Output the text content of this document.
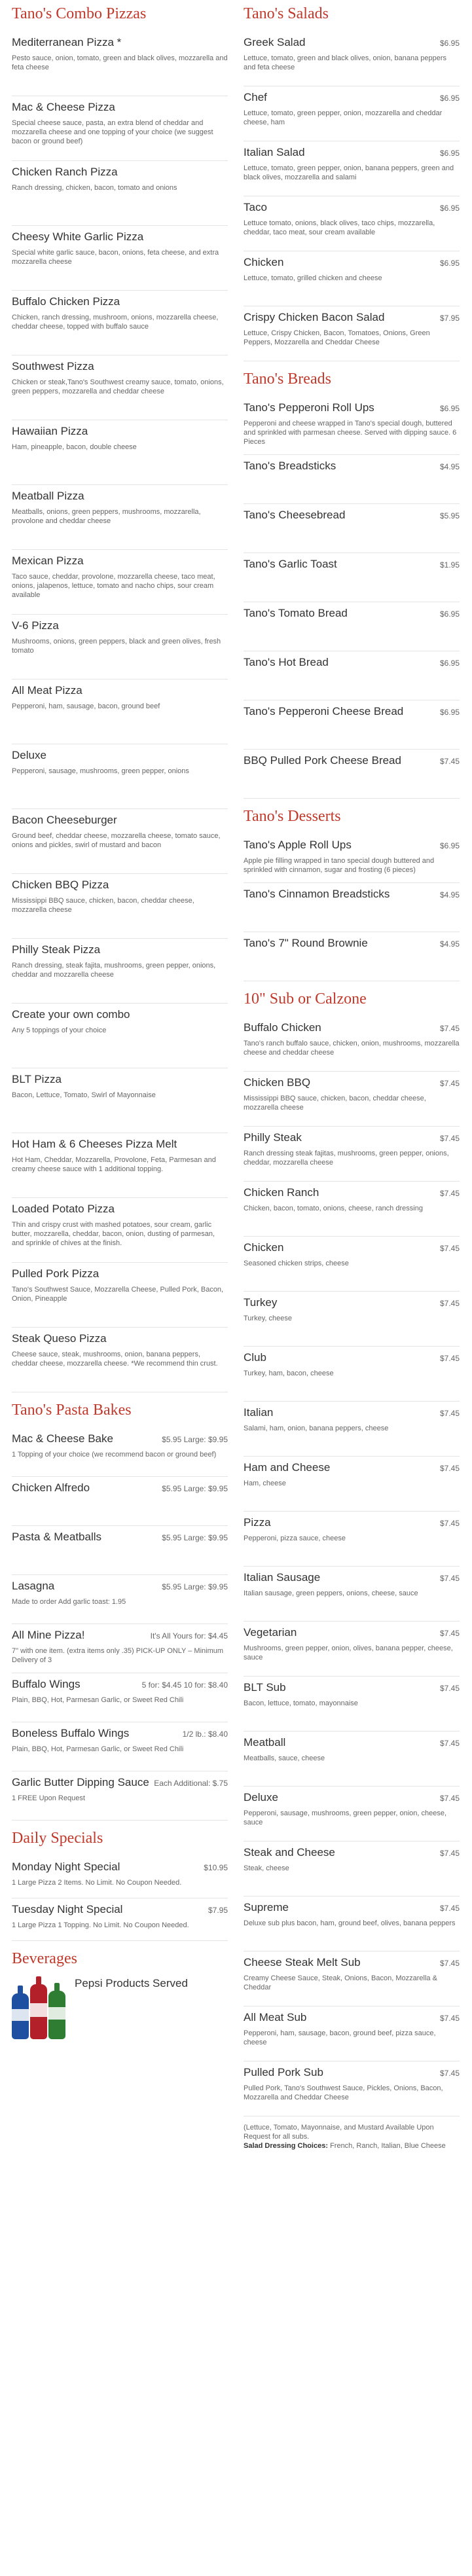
Tano's Combo Pizzas
Mediterranean Pizza *
Pesto sauce, onion, tomato, green and black olives, mozzarella and feta cheese
Mac & Cheese Pizza
Special cheese sauce, pasta, an extra blend of cheddar and mozzarella cheese and one topping of your choice (we suggest bacon or ground beef)
Chicken Ranch Pizza
Ranch dressing, chicken, bacon, tomato and onions
Cheesy White Garlic Pizza
Special white garlic sauce, bacon, onions, feta cheese, and extra mozzarella cheese
Buffalo Chicken Pizza
Chicken, ranch dressing, mushroom, onions, mozzarella cheese, cheddar cheese, topped with buffalo sauce
Southwest Pizza
Chicken or steak,Tano's Southwest creamy sauce, tomato, onions, green peppers, mozzarella and cheddar cheese
Hawaiian Pizza
Ham, pineapple, bacon, double cheese
Meatball Pizza
Meatballs, onions, green peppers, mushrooms, mozzarella, provolone and cheddar cheese
Mexican Pizza
Taco sauce, cheddar, provolone, mozzarella cheese, taco meat, onions, jalapenos, lettuce, tomato and nacho chips, sour cream available
V-6 Pizza
Mushrooms, onions, green peppers, black and green olives, fresh tomato
All Meat Pizza
Pepperoni, ham, sausage, bacon, ground beef
Deluxe
Pepperoni, sausage, mushrooms, green pepper, onions
Bacon Cheeseburger
Ground beef, cheddar cheese, mozzarella cheese, tomato sauce, onions and pickles, swirl of mustard and bacon
Chicken BBQ Pizza
Mississippi BBQ sauce, chicken, bacon, cheddar cheese, mozzarella cheese
Philly Steak Pizza
Ranch dressing, steak fajita, mushrooms, green pepper, onions, cheddar and mozzarella cheese
Create your own combo
Any 5 toppings of your choice
BLT Pizza
Bacon, Lettuce, Tomato, Swirl of Mayonnaise
Hot Ham & 6 Cheeses Pizza Melt
Hot Ham, Cheddar, Mozzarella, Provolone, Feta, Parmesan and creamy cheese sauce with 1 additional topping.
Loaded Potato Pizza
Thin and crispy crust with mashed potatoes, sour cream, garlic butter, mozzarella, cheddar, bacon, onion, dusting of parmesan, and sprinkle of chives at the finish.
Pulled Pork Pizza
Tano's Southwest Sauce, Mozzarella Cheese, Pulled Pork, Bacon, Onion, Pineapple
Steak Queso Pizza
Cheese sauce, steak, mushrooms, onion, banana peppers, cheddar cheese, mozzarella cheese. *We recommend thin crust.
Tano's Pasta Bakes
Mac & Cheese Bake	$5.95 Large: $9.95
1 Topping of your choice (we recommend bacon or ground beef)
Chicken Alfredo	$5.95 Large: $9.95
Pasta & Meatballs	$5.95 Large: $9.95
Lasagna	$5.95 Large: $9.95
Made to order Add garlic toast: 1.95
All Mine Pizza!	It's All Yours for: $4.45
7" with one item. (extra items only .35) PICK-UP ONLY – Minimum Delivery of 3
Buffalo Wings	5 for: $4.45 10 for: $8.40
Plain, BBQ, Hot, Parmesan Garlic, or Sweet Red Chili
Boneless Buffalo Wings	1/2 lb.: $8.40
Plain, BBQ, Hot, Parmesan Garlic, or Sweet Red Chili
Garlic Butter Dipping Sauce Each Additional: $.75
1 FREE Upon Request
Daily Specials
Monday Night Special	$10.95
1 Large Pizza 2 Items. No Limit. No Coupon Needed.
Tuesday Night Special	$7.95
1 Large Pizza 1 Topping. No Limit. No Coupon Needed.
Beverages
Pepsi Products Served
Tano's Salads
Greek Salad	$6.95
Lettuce, tomato, green and black olives, onion, banana peppers and feta cheese
Chef	$6.95
Lettuce, tomato, green pepper, onion, mozzarella and cheddar cheese, ham
Italian Salad	$6.95
Lettuce, tomato, green pepper, onion, banana peppers, green and black olives, mozzarella and salami
Taco	$6.95
Lettuce tomato, onions, black olives, taco chips, mozzarella, cheddar, taco meat, sour cream available
Chicken	$6.95
Lettuce, tomato, grilled chicken and cheese
Crispy Chicken Bacon Salad	$7.95
Lettuce, Crispy Chicken, Bacon, Tomatoes, Onions, Green Peppers, Mozzarella and Cheddar Cheese
Tano's Breads
Tano's Pepperoni Roll Ups	$6.95
Pepperoni and cheese wrapped in Tano's special dough, buttered and sprinkled with parmesan cheese. Served with dipping sauce. 6 Pieces
Tano's Breadsticks	$4.95
Tano's Cheesebread	$5.95
Tano's Garlic Toast	$1.95
Tano's Tomato Bread	$6.95
Tano's Hot Bread	$6.95
Tano's Pepperoni Cheese Bread	$6.95
BBQ Pulled Pork Cheese Bread	$7.45
Tano's Desserts
Tano's Apple Roll Ups	$6.95
Apple pie filling wrapped in tano special dough buttered and sprinkled with cinnamon, sugar and frosting (6 pieces)
Tano's Cinnamon Breadsticks	$4.95
Tano's 7" Round Brownie	$4.95
10" Sub or Calzone
Buffalo Chicken	$7.45
Tano's ranch buffalo sauce, chicken, onion, mushrooms, mozzarella cheese and cheddar cheese
Chicken BBQ	$7.45
Mississippi BBQ sauce, chicken, bacon, cheddar cheese, mozzarella cheese
Philly Steak	$7.45
Ranch dressing steak fajitas, mushrooms, green pepper, onions, cheddar, mozzarella cheese
Chicken Ranch	$7.45
Chicken, bacon, tomato, onions, cheese, ranch dressing
Chicken	$7.45
Seasoned chicken strips, cheese
Turkey	$7.45
Turkey, cheese
Club	$7.45
Turkey, ham, bacon, cheese
Italian	$7.45
Salami, ham, onion, banana peppers, cheese
Ham and Cheese	$7.45
Ham, cheese
Pizza	$7.45
Pepperoni, pizza sauce, cheese
Italian Sausage	$7.45
Italian sausage, green peppers, onions, cheese, sauce
Vegetarian	$7.45
Mushrooms, green pepper, onion, olives, banana pepper, cheese, sauce
BLT Sub	$7.45
Bacon, lettuce, tomato, mayonnaise
Meatball	$7.45
Meatballs, sauce, cheese
Deluxe	$7.45
Pepperoni, sausage, mushrooms, green pepper, onion, cheese, sauce
Steak and Cheese	$7.45
Steak, cheese
Supreme	$7.45
Deluxe sub plus bacon, ham, ground beef, olives, banana peppers
Cheese Steak Melt Sub	$7.45
Creamy Cheese Sauce, Steak, Onions, Bacon, Mozzarella & Cheddar
All Meat Sub	$7.45
Pepperoni, ham, sausage, bacon, ground beef, pizza sauce, cheese
Pulled Pork Sub	$7.45
Pulled Pork, Tano's Southwest Sauce, Pickles, Onions, Bacon, Mozzarella and Cheddar Cheese
(Lettuce, Tomato, Mayonnaise, and Mustard Available Upon Request for all subs.
Salad Dressing Choices: French, Ranch, Italian, Blue Cheese
